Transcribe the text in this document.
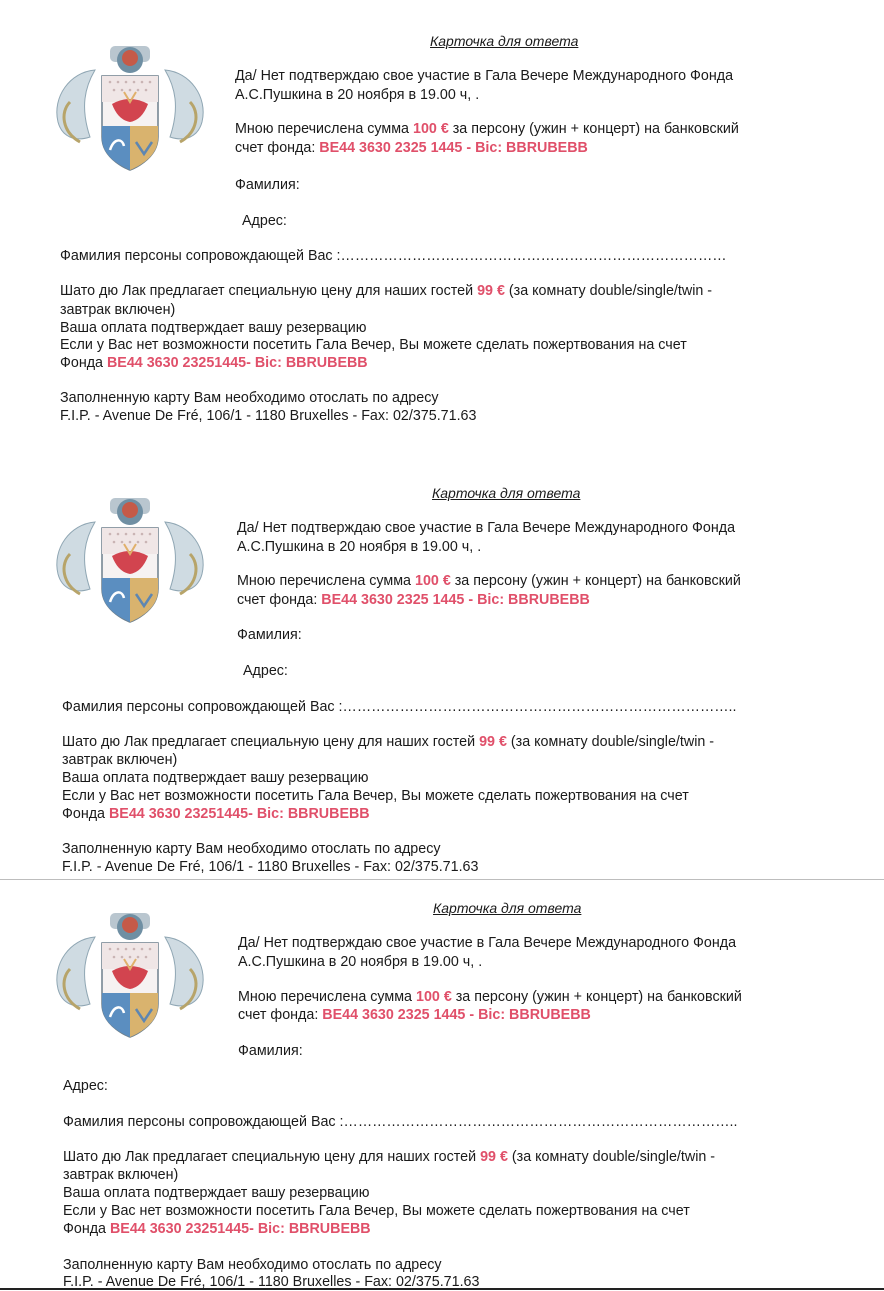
Карточка для ответа
Да/ Нет подтверждаю свое участие в Гала Вечере Международного Фонда
А.С.Пушкина в 20 ноября в 19.00 ч, .
Мною перечислена сумма 100 € за персону (ужин + концерт) на банковский
счет фонда: BE44 3630 2325 1445 - Bic: BBRUBEBB
Фамилия:
Адрес:
Фамилия персоны сопровождающей Вас :………………………………………………………………………
Шато дю Лак предлагает специальную цену для наших гостей 99 € (за комнату double/single/twin -
завтрак включен)
Ваша оплата подтверждает вашу резервацию
Если у Вас нет возможности посетить Гала Вечер, Вы можете сделать пожертвования на счет
Фонда BE44 3630 23251445- Bic: BBRUBEBB
Заполненную карту Вам необходимо отослать по адресу
F.I.P. - Avenue De Fré, 106/1 - 1180 Bruxelles - Fax: 02/375.71.63
Карточка для ответа
Да/ Нет подтверждаю свое участие в Гала Вечере Международного Фонда
А.С.Пушкина в 20 ноября в 19.00 ч, .
Мною перечислена сумма 100 € за персону (ужин + концерт) на банковский
счет фонда: BE44 3630 2325 1445 - Bic: BBRUBEBB
Фамилия:
Адрес:
Фамилия персоны сопровождающей Вас :………………………………………………………………………..
Шато дю Лак предлагает специальную цену для наших гостей 99 € (за комнату double/single/twin -
завтрак включен)
Ваша оплата подтверждает вашу резервацию
Если у Вас нет возможности посетить Гала Вечер, Вы можете сделать пожертвования на счет
Фонда BE44 3630 23251445- Bic: BBRUBEBB
Заполненную карту Вам необходимо отослать по адресу
F.I.P. - Avenue De Fré, 106/1 - 1180 Bruxelles - Fax: 02/375.71.63
Карточка для ответа
Да/ Нет подтверждаю свое участие в Гала Вечере Международного Фонда
А.С.Пушкина в 20 ноября в 19.00 ч, .
Мною перечислена сумма 100 € за персону (ужин + концерт) на банковский
счет фонда: BE44 3630 2325 1445 - Bic: BBRUBEBB
Фамилия:
Адрес:
Фамилия персоны сопровождающей Вас :………………………………………………………………………..
Шато дю Лак предлагает специальную цену для наших гостей 99 € (за комнату double/single/twin -
завтрак включен)
Ваша оплата подтверждает вашу резервацию
Если у Вас нет возможности посетить Гала Вечер, Вы можете сделать пожертвования на счет
Фонда BE44 3630 23251445- Bic: BBRUBEBB
Заполненную карту Вам необходимо отослать по адресу
F.I.P. - Avenue De Fré, 106/1 - 1180 Bruxelles - Fax: 02/375.71.63
